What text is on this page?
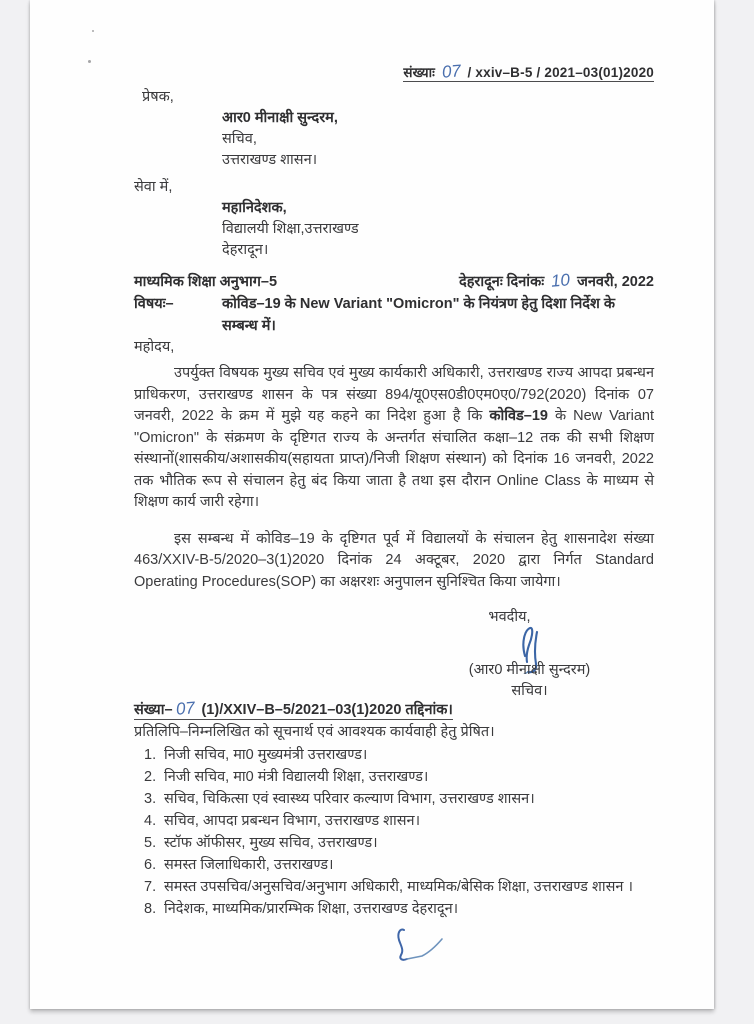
संख्याः 07 / xxiv–B-5 / 2021–03(01)2020
प्रेषक,
आर0 मीनाक्षी सुन्दरम,
सचिव,
उत्तराखण्ड शासन।
सेवा में,
महानिदेशक,
विद्यालयी शिक्षा,उत्तराखण्ड
देहरादून।
माध्यमिक शिक्षा अनुभाग–5	देहरादूनः दिनांकः 10 जनवरी, 2022
विषयः–	कोविड–19 के New Variant "Omicron" के नियंत्रण हेतु दिशा निर्देश के सम्बन्ध में।
महोदय,

उपर्युक्त विषयक मुख्य सचिव एवं मुख्य कार्यकारी अधिकारी, उत्तराखण्ड राज्य आपदा प्रबन्धन प्राधिकरण, उत्तराखण्ड शासन के पत्र संख्या 894/यू0एस0डी0एम0ए0/792(2020) दिनांक 07 जनवरी, 2022 के क्रम में मुझे यह कहने का निदेश हुआ है कि कोविड–19 के New Variant "Omicron" के संक्रमण के दृष्टिगत राज्य के अन्तर्गत संचालित कक्षा–12 तक की सभी शिक्षण संस्थानों(शासकीय/अशासकीय(सहायता प्राप्त)/निजी शिक्षण संस्थान) को दिनांक 16 जनवरी, 2022 तक भौतिक रूप से संचालन हेतु बंद किया जाता है तथा इस दौरान Online Class के माध्यम से शिक्षण कार्य जारी रहेगा।

इस सम्बन्ध में कोविड–19 के दृष्टिगत पूर्व में विद्यालयों के संचालन हेतु शासनादेश संख्या 463/XXIV-B-5/2020–3(1)2020 दिनांक 24 अक्टूबर, 2020 द्वारा निर्गत Standard Operating Procedures(SOP) का अक्षरशः अनुपालन सुनिश्चित किया जायेगा।

भवदीय,
(आर0 मीनाक्षी सुन्दरम)
सचिव।
संख्या– 07 (1)/XXIV–B–5/2021–03(1)2020 तद्दिनांक।
प्रतिलिपि–निम्नलिखित को सूचनार्थ एवं आवश्यक कार्यवाही हेतु प्रेषित।
1. निजी सचिव, मा0 मुख्यमंत्री उत्तराखण्ड।
2. निजी सचिव, मा0 मंत्री विद्यालयी शिक्षा, उत्तराखण्ड।
3. सचिव, चिकित्सा एवं स्वास्थ्य परिवार कल्याण विभाग, उत्तराखण्ड शासन।
4. सचिव, आपदा प्रबन्धन विभाग, उत्तराखण्ड शासन।
5. स्टॉफ ऑफीसर, मुख्य सचिव, उत्तराखण्ड।
6. समस्त जिलाधिकारी, उत्तराखण्ड।
7. समस्त उपसचिव/अनुसचिव/अनुभाग अधिकारी, माध्यमिक/बेसिक शिक्षा, उत्तराखण्ड शासन ।
8. निदेशक, माध्यमिक/प्रारम्भिक शिक्षा, उत्तराखण्ड देहरादून।
